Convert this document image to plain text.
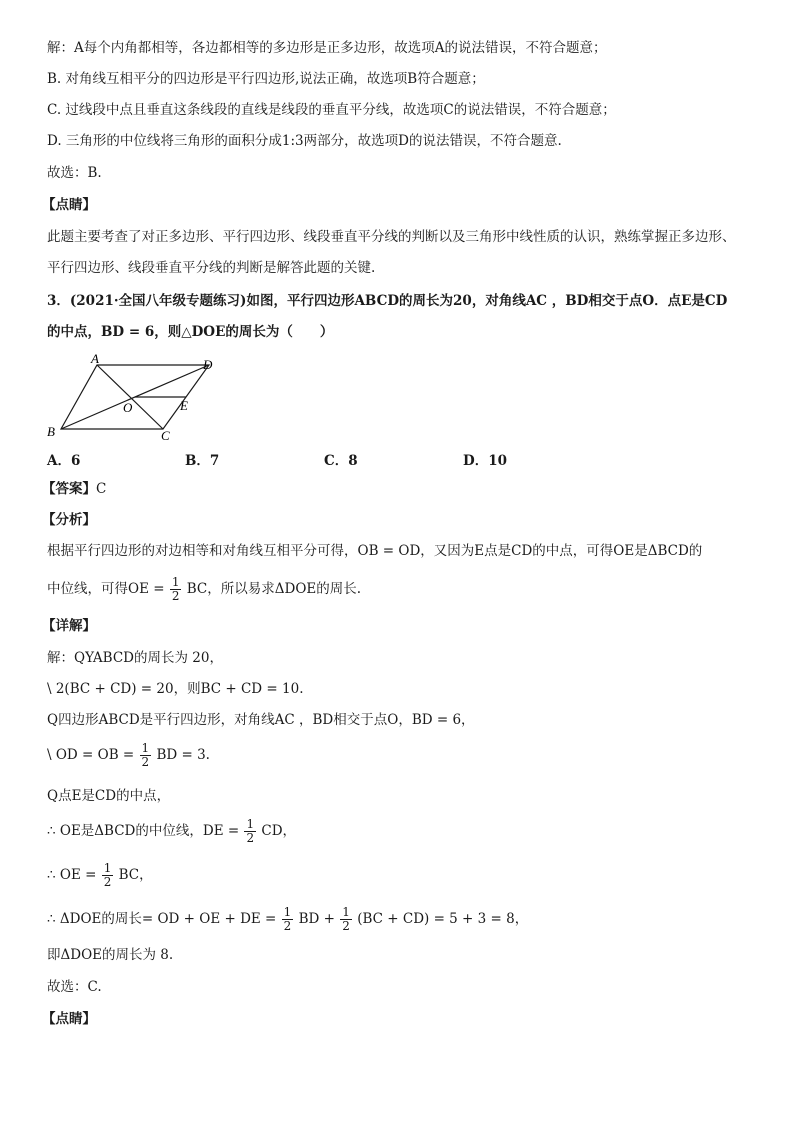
解：A每个内角都相等，各边都相等的多边形是正多边形，故选项A的说法错误，不符合题意；
B. 对角线互相平分的四边形是平行四边形,说法正确，故选项B符合题意；
C. 过线段中点且垂直这条线段的直线是线段的垂直平分线，故选项C的说法错误，不符合题意；
D. 三角形的中位线将三角形的面积分成1:3两部分，故选项D的说法错误，不符合题意.
故选：B.
【点睛】
此题主要考查了对正多边形、平行四边形、线段垂直平分线的判断以及三角形中线性质的认识，熟练掌握正多边形、
平行四边形、线段垂直平分线的判断是解答此题的关键.
3．(2021·全国八年级专题练习)如图，平行四边形ABCD的周长为20，对角线AC ，BD相交于点O．点E是CD
的中点，BD = 6，则△DOE的周长为（　　）
A	D
B	C
O	E
A．6	B．7	C．8	D．10
【答案】C
【分析】
根据平行四边形的对边相等和对角线互相平分可得，OB = OD，又因为E点是CD的中点，可得OE是ΔBCD的
中位线，可得OE = $\frac{1}{2}$ BC，所以易求ΔDOE的周长.
【详解】
解：QYABCD的周长为 20，
\ 2(BC + CD) = 20，则BC + CD = 10.
Q四边形ABCD是平行四边形，对角线AC ，BD相交于点O，BD = 6，
\ OD = OB = $\frac{1}{2}$ BD = 3.
Q点E是CD的中点，
∴ OE是ΔBCD的中位线，DE = $\frac{1}{2}$ CD，
∴ OE = $\frac{1}{2}$ BC，
∴ ΔDOE的周长= OD + OE + DE = $\frac{1}{2}$ BD + $\frac{1}{2} (BC + CD) = 5 + 3 = 8$，
即ΔDOE的周长为 8.
故选：C.
【点睛】
